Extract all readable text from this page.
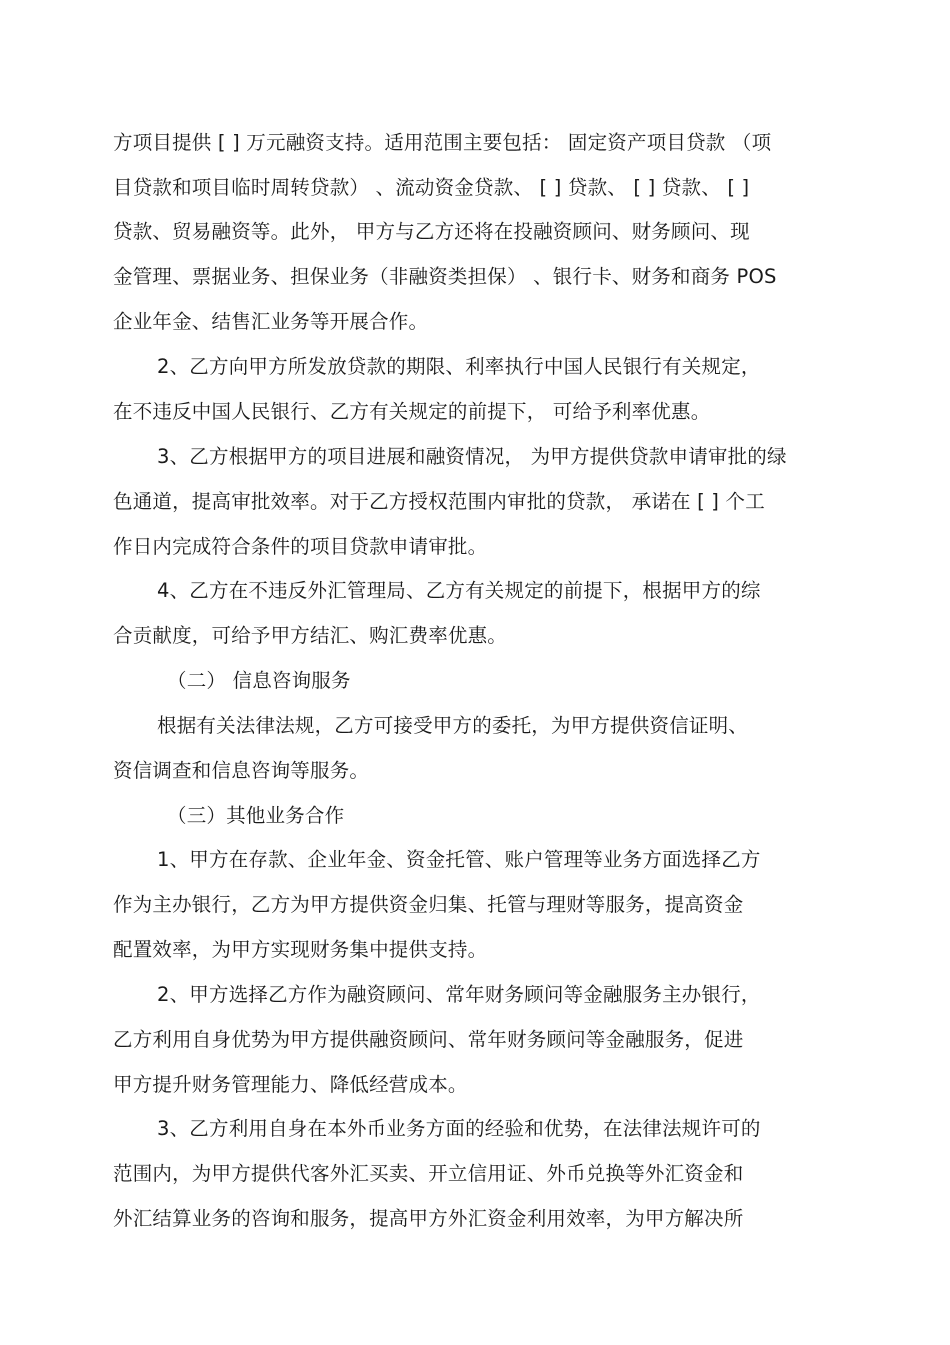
方项目提供 [ ] 万元融资支持。适用范围主要包括： 固定资产项目贷款 （项
目贷款和项目临时周转贷款） 、流动资金贷款、 [ ] 贷款、 [ ] 贷款、 [ ]
贷款、贸易融资等。此外， 甲方与乙方还将在投融资顾问、财务顾问、现
金管理、票据业务、担保业务（非融资类担保） 、银行卡、财务和商务 POS
企业年金、结售汇业务等开展合作。
2、乙方向甲方所发放贷款的期限、利率执行中国人民银行有关规定，
在不违反中国人民银行、乙方有关规定的前提下， 可给予利率优惠。
3、乙方根据甲方的项目进展和融资情况， 为甲方提供贷款申请审批的绿
色通道，提高审批效率。对于乙方授权范围内审批的贷款， 承诺在 [ ] 个工
作日内完成符合条件的项目贷款申请审批。
4、乙方在不违反外汇管理局、乙方有关规定的前提下，根据甲方的综
合贡献度，可给予甲方结汇、购汇费率优惠。
（二） 信息咨询服务
根据有关法律法规，乙方可接受甲方的委托，为甲方提供资信证明、
资信调查和信息咨询等服务。
（三）其他业务合作
1、甲方在存款、企业年金、资金托管、账户管理等业务方面选择乙方
作为主办银行，乙方为甲方提供资金归集、托管与理财等服务，提高资金
配置效率，为甲方实现财务集中提供支持。
2、甲方选择乙方作为融资顾问、常年财务顾问等金融服务主办银行，
乙方利用自身优势为甲方提供融资顾问、常年财务顾问等金融服务，促进
甲方提升财务管理能力、降低经营成本。
3、乙方利用自身在本外币业务方面的经验和优势，在法律法规许可的
范围内，为甲方提供代客外汇买卖、开立信用证、外币兑换等外汇资金和
外汇结算业务的咨询和服务，提高甲方外汇资金利用效率，为甲方解决所
